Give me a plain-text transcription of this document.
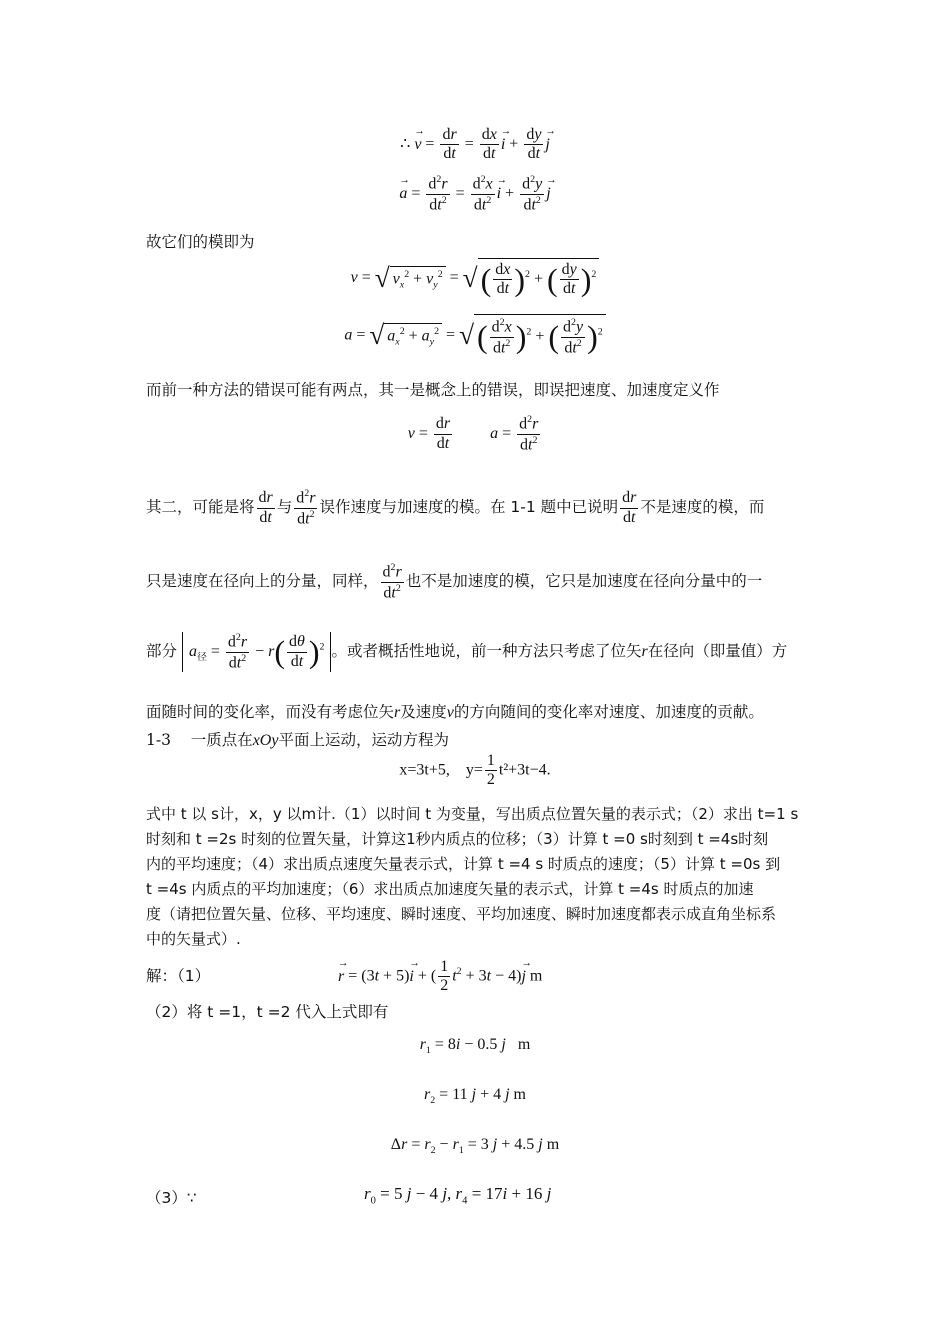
∴ → $v = \frac{dr}{dt} = \frac{dx}{dt}$
→ $i + \frac{dy}{dt}$
→ j
→ $a = \frac{d^2r}{dt^2} = \frac{d^2x}{dt^2}$
→ $i + \frac{d^2y}{dt^2}$
→ j
故它们的模即为
v = √ $v_x^2 + v_y^2$ = √( $\frac{dx}{dt} )^2$ + ( $\frac{dy}{dt} )^2$
a = √ $a_x^2 + a_y^2$ = √( $\frac{d^2x}{dt^2} )^2$ + ( $\frac{d^2y}{dt^2} )^2$
而前一种方法的错误可能有两点，其一是概念上的错误，即误把速度、加速度定义作
$v = \frac{dr}{dt}$ $a = \frac{d^2r}{dt^2}$
其二，可能是将 $\frac{dr}{dt}$ 与 $\frac{d^2r}{dt^2}$ 误作速度与加速度的模。在 1-1 题中已说明 $\frac{dr}{dt}$ 不是速度的模，而
只是速度在径向上的分量，同样， $\frac{d^2r}{dt^2}$ 也不是加速度的模，它只是加速度在径向分量中的一
部分 $a_径 = \frac{d^2r}{dt^2} - r( \frac{d\theta}{dt} )^2$ 。或者概括性地说，前一种方法只考虑了位矢r在径向（即量值）方
面随时间的变化率，而没有考虑位矢r及速度v的方向随间的变化率对速度、加速度的贡献。
1-3 一质点在xOy平面上运动，运动方程为
x=3t+5, $y= \frac{1}{2} t^2+3t-4$.
式中 t 以 s计，x，y 以m计.（1）以时间 t 为变量，写出质点位置矢量的表示式；（2）求出 t=1 s
时刻和 t =2s 时刻的位置矢量，计算这1秒内质点的位移；（3）计算 t =0 s时刻到 t =4s时刻
内的平均速度；（4）求出质点速度矢量表示式，计算 t =4 s 时质点的速度；（5）计算 t =0s 到
t =4s 内质点的平均加速度；（6）求出质点加速度矢量的表示式，计算 t =4s 时质点的加速
度（请把位置矢量、位移、平均速度、瞬时速度、平均加速度、瞬时加速度都表示成直角坐标系
中的矢量式）.
解：（1）
→	r = (3t + 5)→ i + ( $\frac{1}{2} t^2 + 3t - 4)\to j$ m
（2）将 t =1，t =2 代入上式即有
$r_1 = 8i - 0.5$ j   m
$r_2 = 11$ j + 4 j m
$\Delta r = r_2 - r_1 = 3$ j + 4.5 j m
（3）∵	$r_0 = 5$ j − 4 j, $r_4 = 17i + 16$ j
